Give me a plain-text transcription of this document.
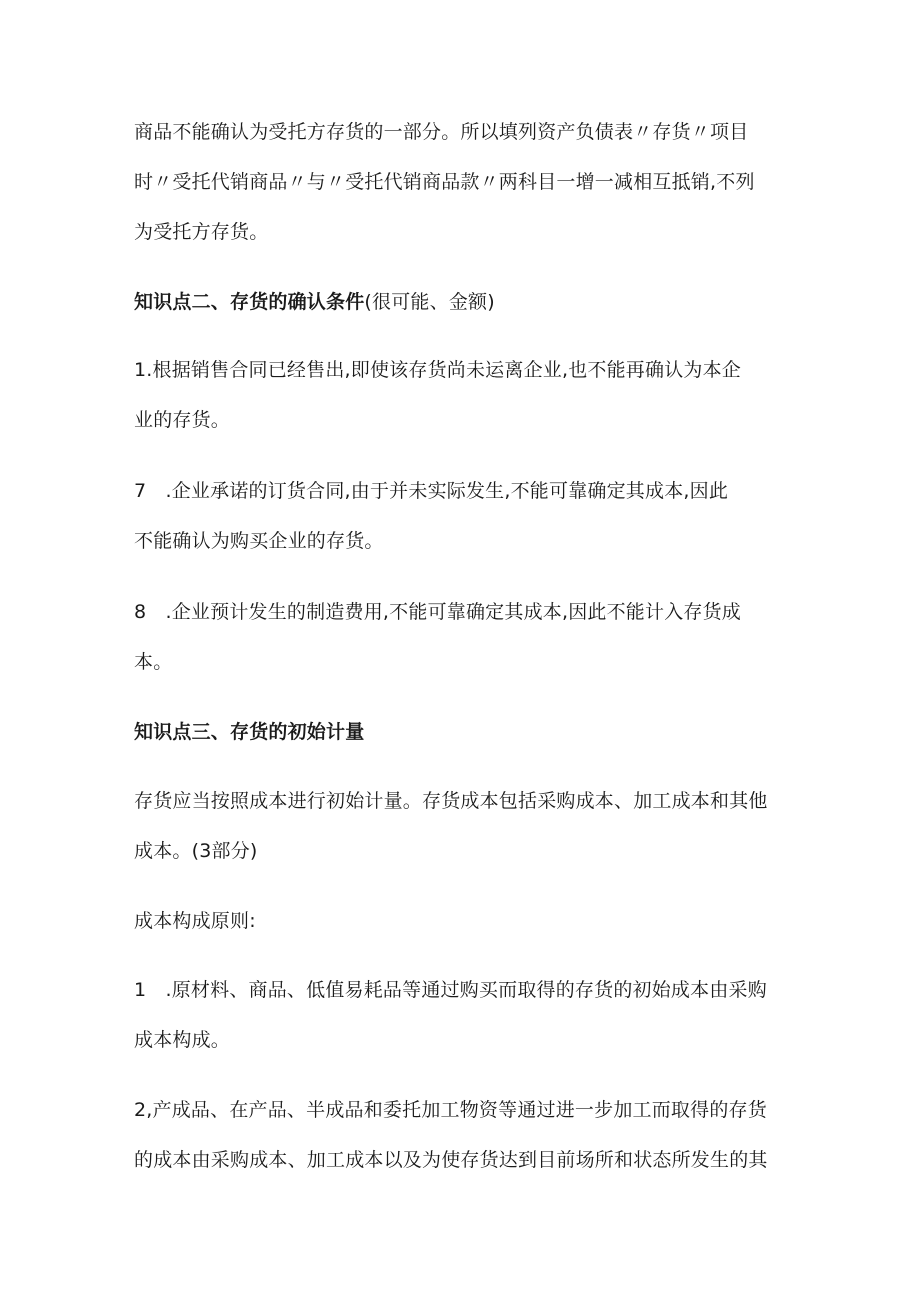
商品不能确认为受托方存货的一部分。所以填列资产负债表〃存货〃项目
时〃受托代销商品〃与〃受托代销商品款〃两科目一增一减相互抵销,不列
为受托方存货。
知识点二、存货的确认条件(很可能、金额)
1.根据销售合同已经售出,即使该存货尚未运离企业,也不能再确认为本企
业的存货。
7　.企业承诺的订货合同,由于并未实际发生,不能可靠确定其成本,因此
不能确认为购买企业的存货。
8　.企业预计发生的制造费用,不能可靠确定其成本,因此不能计入存货成
本。
知识点三、存货的初始计量
存货应当按照成本进行初始计量。存货成本包括采购成本、加工成本和其他
成本。(3部分)
成本构成原则:
1　.原材料、商品、低值易耗品等通过购买而取得的存货的初始成本由采购
成本构成。
2,产成品、在产品、半成品和委托加工物资等通过进一步加工而取得的存货
的成本由采购成本、加工成本以及为使存货达到目前场所和状态所发生的其
